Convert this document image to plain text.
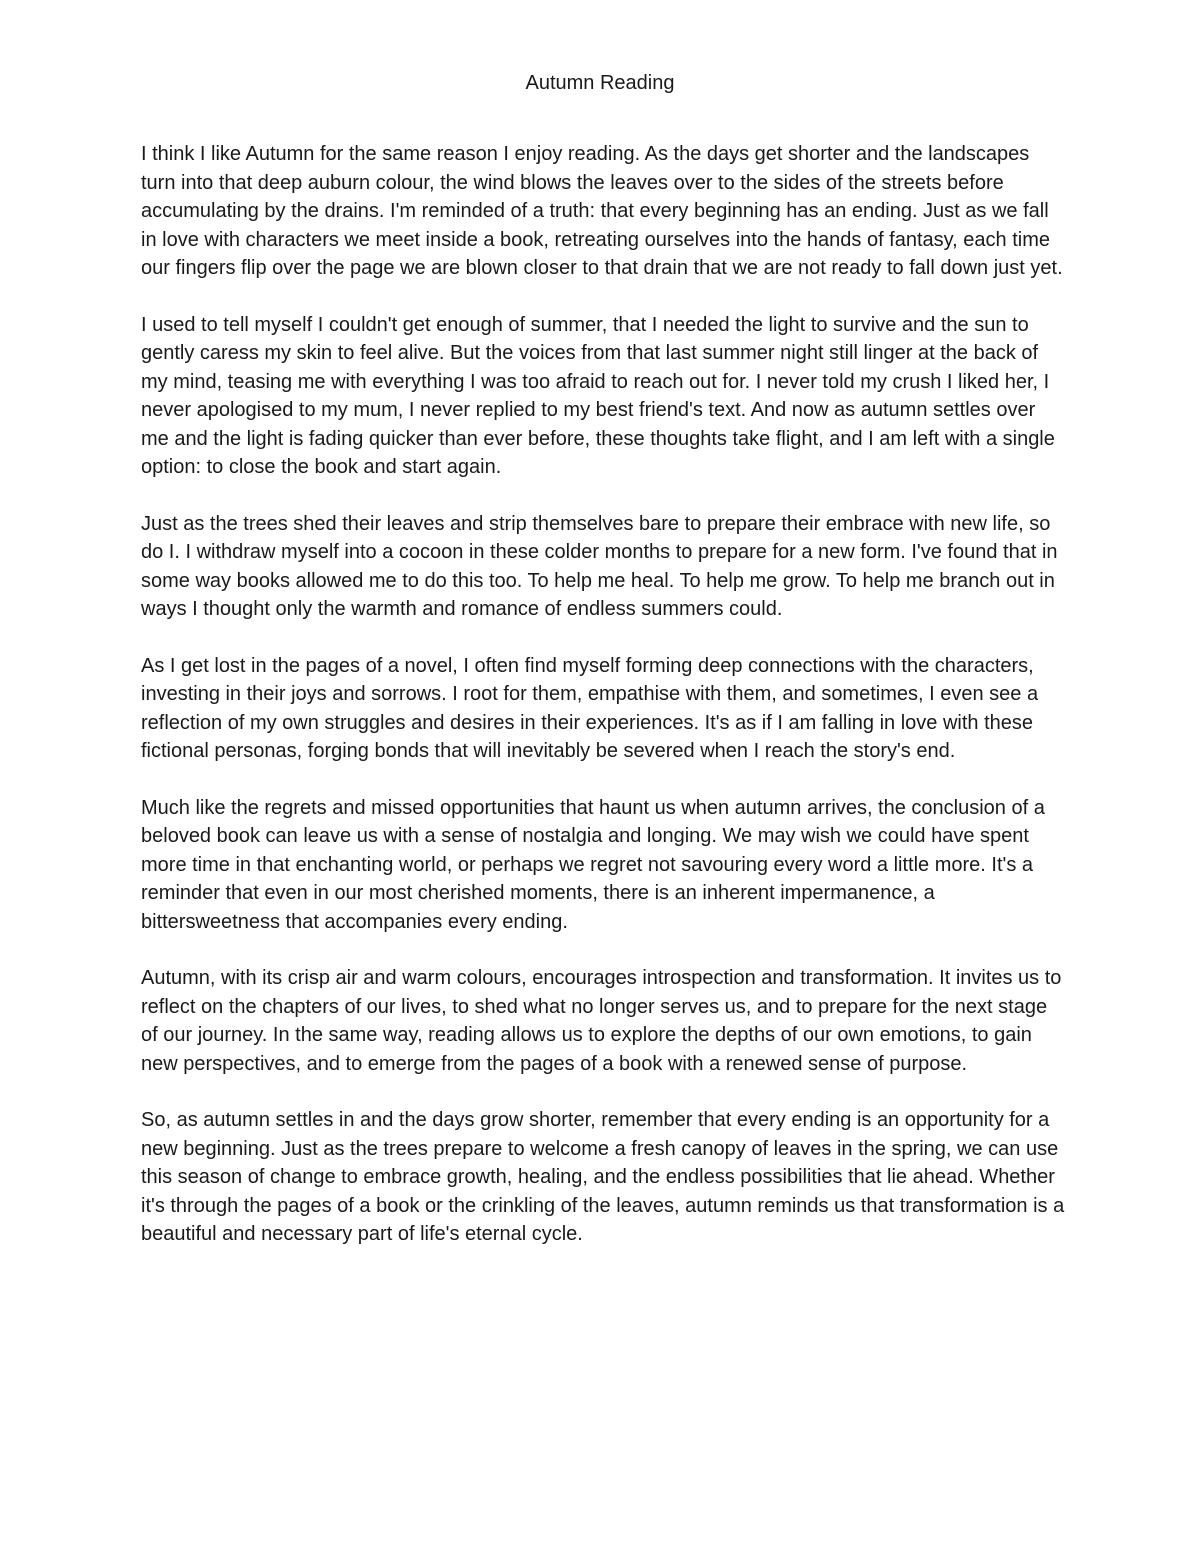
Autumn Reading

I think I like Autumn for the same reason I enjoy reading. As the days get shorter and the landscapes turn into that deep auburn colour, the wind blows the leaves over to the sides of the streets before accumulating by the drains. I'm reminded of a truth: that every beginning has an ending. Just as we fall in love with characters we meet inside a book, retreating ourselves into the hands of fantasy, each time our fingers flip over the page we are blown closer to that drain that we are not ready to fall down just yet.

I used to tell myself I couldn't get enough of summer, that I needed the light to survive and the sun to gently caress my skin to feel alive. But the voices from that last summer night still linger at the back of my mind, teasing me with everything I was too afraid to reach out for. I never told my crush I liked her, I never apologised to my mum, I never replied to my best friend's text. And now as autumn settles over me and the light is fading quicker than ever before, these thoughts take flight, and I am left with a single option: to close the book and start again.

Just as the trees shed their leaves and strip themselves bare to prepare their embrace with new life, so do I. I withdraw myself into a cocoon in these colder months to prepare for a new form. I've found that in some way books allowed me to do this too. To help me heal. To help me grow. To help me branch out in ways I thought only the warmth and romance of endless summers could.

As I get lost in the pages of a novel, I often find myself forming deep connections with the characters, investing in their joys and sorrows. I root for them, empathise with them, and sometimes, I even see a reflection of my own struggles and desires in their experiences. It's as if I am falling in love with these fictional personas, forging bonds that will inevitably be severed when I reach the story's end.

Much like the regrets and missed opportunities that haunt us when autumn arrives, the conclusion of a beloved book can leave us with a sense of nostalgia and longing. We may wish we could have spent more time in that enchanting world, or perhaps we regret not savouring every word a little more. It's a reminder that even in our most cherished moments, there is an inherent impermanence, a bittersweetness that accompanies every ending.

Autumn, with its crisp air and warm colours, encourages introspection and transformation. It invites us to reflect on the chapters of our lives, to shed what no longer serves us, and to prepare for the next stage of our journey. In the same way, reading allows us to explore the depths of our own emotions, to gain new perspectives, and to emerge from the pages of a book with a renewed sense of purpose.

So, as autumn settles in and the days grow shorter, remember that every ending is an opportunity for a new beginning. Just as the trees prepare to welcome a fresh canopy of leaves in the spring, we can use this season of change to embrace growth, healing, and the endless possibilities that lie ahead. Whether it's through the pages of a book or the crinkling of the leaves, autumn reminds us that transformation is a beautiful and necessary part of life's eternal cycle.
